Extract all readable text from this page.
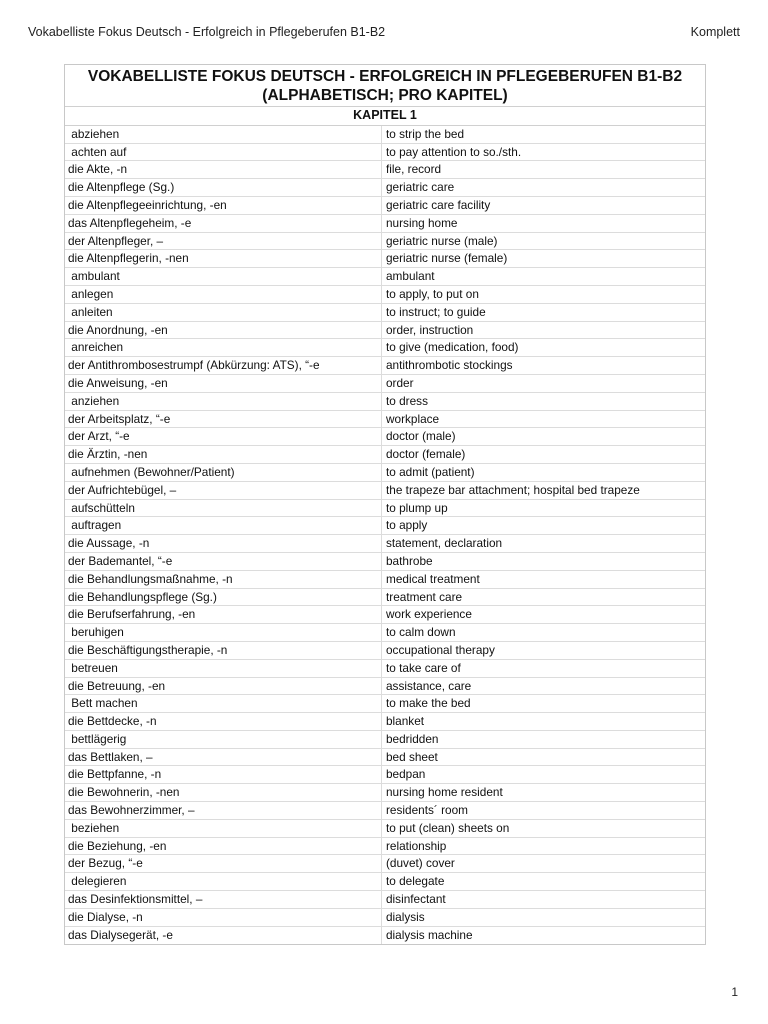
Vokabelliste Fokus Deutsch - Erfolgreich in Pflegeberufen B1-B2	Komplett
VOKABELLISTE FOKUS DEUTSCH - ERFOLGREICH IN PFLEGEBERUFEN B1-B2
(ALPHABETISCH; PRO KAPITEL)
KAPITEL 1
abziehen	to strip the bed
achten auf	to pay attention to so./sth.
die Akte, -n	file, record
die Altenpflege (Sg.)	geriatric care
die Altenpflegeeinrichtung, -en	geriatric care facility
das Altenpflegeheim, -e	nursing home
der Altenpfleger, –	geriatric nurse (male)
die Altenpflegerin, -nen	geriatric nurse (female)
ambulant	ambulant
anlegen	to apply, to put on
anleiten	to instruct; to guide
die Anordnung, -en	order, instruction
anreichen	to give (medication, food)
der Antithrombosestrumpf (Abkürzung: ATS), “-e	antithrombotic stockings
die Anweisung, -en	order
anziehen	to dress
der Arbeitsplatz, “-e	workplace
der Arzt, “-e	doctor (male)
die Ärztin, -nen	doctor (female)
aufnehmen (Bewohner/Patient)	to admit (patient)
der Aufrichtebügel, –	the trapeze bar attachment; hospital bed trapeze
aufschütteln	to plump up
auftragen	to apply
die Aussage, -n	statement, declaration
der Bademantel, “-e	bathrobe
die Behandlungsmaßnahme, -n	medical treatment
die Behandlungspflege (Sg.)	treatment care
die Berufserfahrung, -en	work experience
beruhigen	to calm down
die Beschäftigungstherapie, -n	occupational therapy
betreuen	to take care of
die Betreuung, -en	assistance, care
Bett machen	to make the bed
die Bettdecke, -n	blanket
bettlägerig	bedridden
das Bettlaken, –	bed sheet
die Bettpfanne, -n	bedpan
die Bewohnerin, -nen	nursing home resident
das Bewohnerzimmer, –	residents´ room
beziehen	to put (clean) sheets on
die Beziehung, -en	relationship
der Bezug, “-e	(duvet) cover
delegieren	to delegate
das Desinfektionsmittel, –	disinfectant
die Dialyse, -n	dialysis
das Dialysegerät, -e	dialysis machine
1
